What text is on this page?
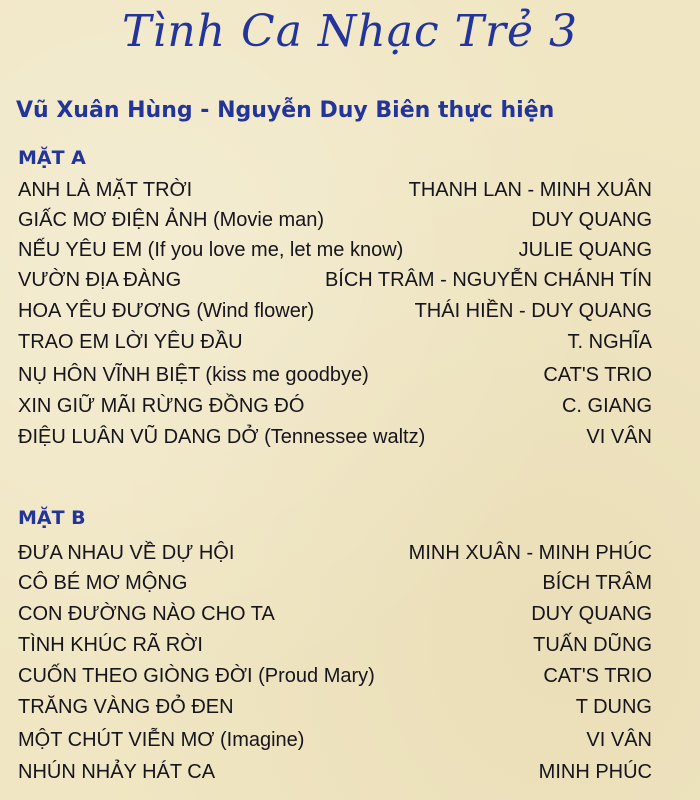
Tình Ca Nhạc Trẻ 3
Vũ Xuân Hùng - Nguyễn Duy Biên thực hiện
MẶT A
ANH LÀ MẶT TRỜI	THANH LAN - MINH XUÂN
GIẤC MƠ ĐIỆN ẢNH (Movie man)	DUY QUANG
NẾU YÊU EM (If you love me, let me know)	JULIE QUANG
VƯỜN ĐỊA ĐÀNG	BÍCH TRÂM - NGUYỄN CHÁNH TÍN
HOA YÊU ĐƯƠNG (Wind flower)	THÁI HIỀN - DUY QUANG
TRAO EM LỜI YÊU ĐẦU	T. NGHĨA
NỤ HÔN VĨNH BIỆT (kiss me goodbye)	CAT'S TRIO
XIN GIỮ MÃI RỪNG ĐỒNG ĐÓ	C. GIANG
ĐIỆU LUÂN VŨ DANG DỞ (Tennessee waltz)	VI VÂN
MẶT B
ĐƯA NHAU VỀ DỰ HỘI	MINH XUÂN - MINH PHÚC
CÔ BÉ MƠ MỘNG	BÍCH TRÂM
CON ĐƯỜNG NÀO CHO TA	DUY QUANG
TÌNH KHÚC RÃ RỜI	TUẤN DŨNG
CUỐN THEO GIÒNG ĐỜI (Proud Mary)	CAT'S TRIO
TRĂNG VÀNG ĐỎ ĐEN	T DUNG
MỘT CHÚT VIỄN MƠ (Imagine)	VI VÂN
NHÚN NHẢY HÁT CA	MINH PHÚC
